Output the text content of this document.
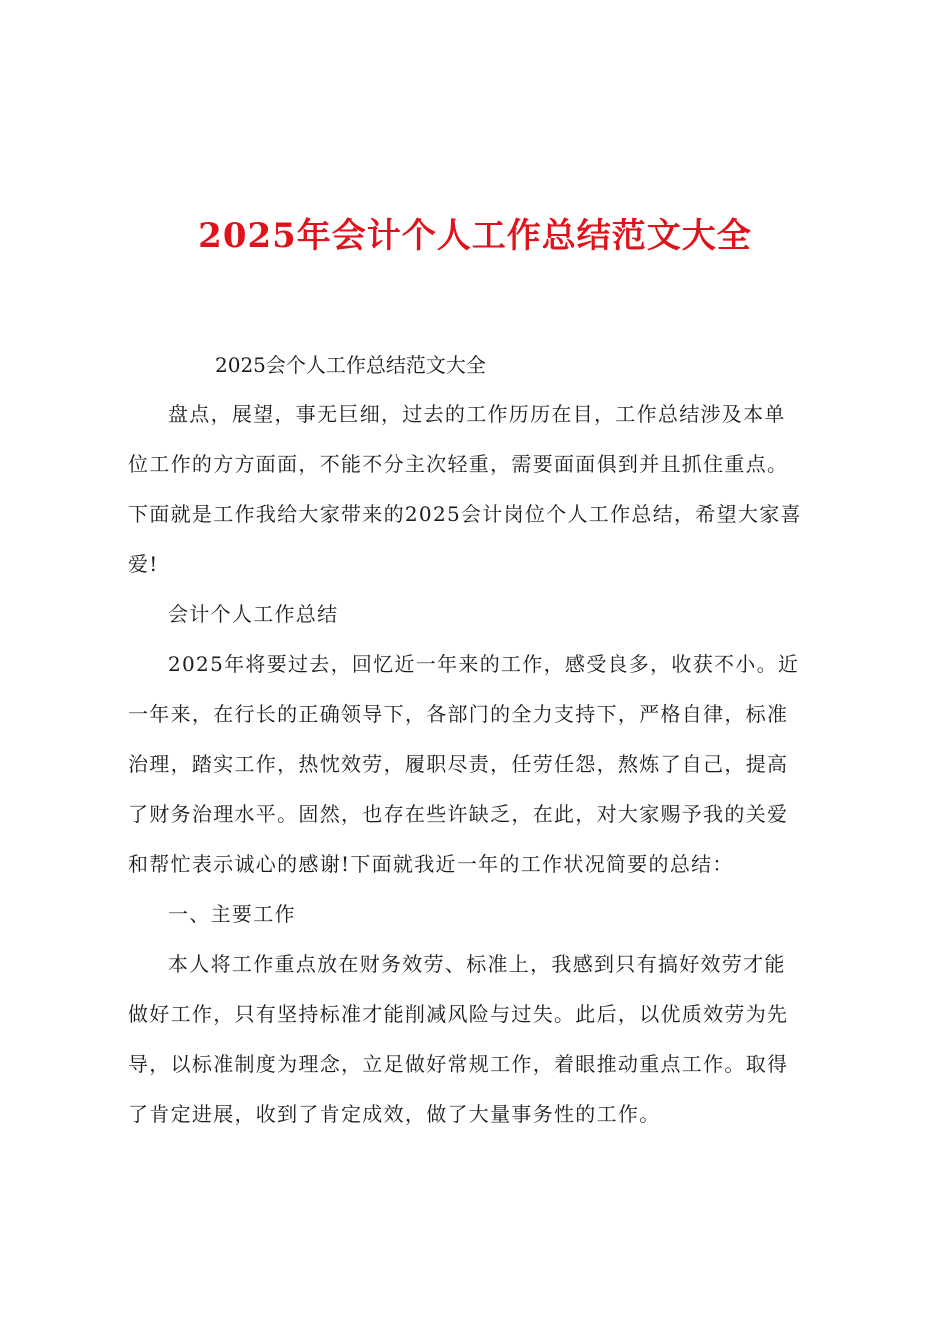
2025年会计个人工作总结范文大全
2025会个人工作总结范文大全

盘点，展望，事无巨细，过去的工作历历在目，工作总结涉及本单
位工作的方方面面，不能不分主次轻重，需要面面俱到并且抓住重点。
下面就是工作我给大家带来的2025会计岗位个人工作总结，希望大家喜
爱!

会计个人工作总结

2025年将要过去，回忆近一年来的工作，感受良多，收获不小。近
一年来，在行长的正确领导下，各部门的全力支持下，严格自律，标准
治理，踏实工作，热忱效劳，履职尽责，任劳任怨，熬炼了自己，提高
了财务治理水平。固然，也存在些许缺乏，在此，对大家赐予我的关爱
和帮忙表示诚心的感谢!下面就我近一年的工作状况简要的总结：

一、主要工作

本人将工作重点放在财务效劳、标准上，我感到只有搞好效劳才能
做好工作，只有坚持标准才能削减风险与过失。此后，以优质效劳为先
导，以标准制度为理念，立足做好常规工作，着眼推动重点工作。取得
了肯定进展，收到了肯定成效，做了大量事务性的工作。
